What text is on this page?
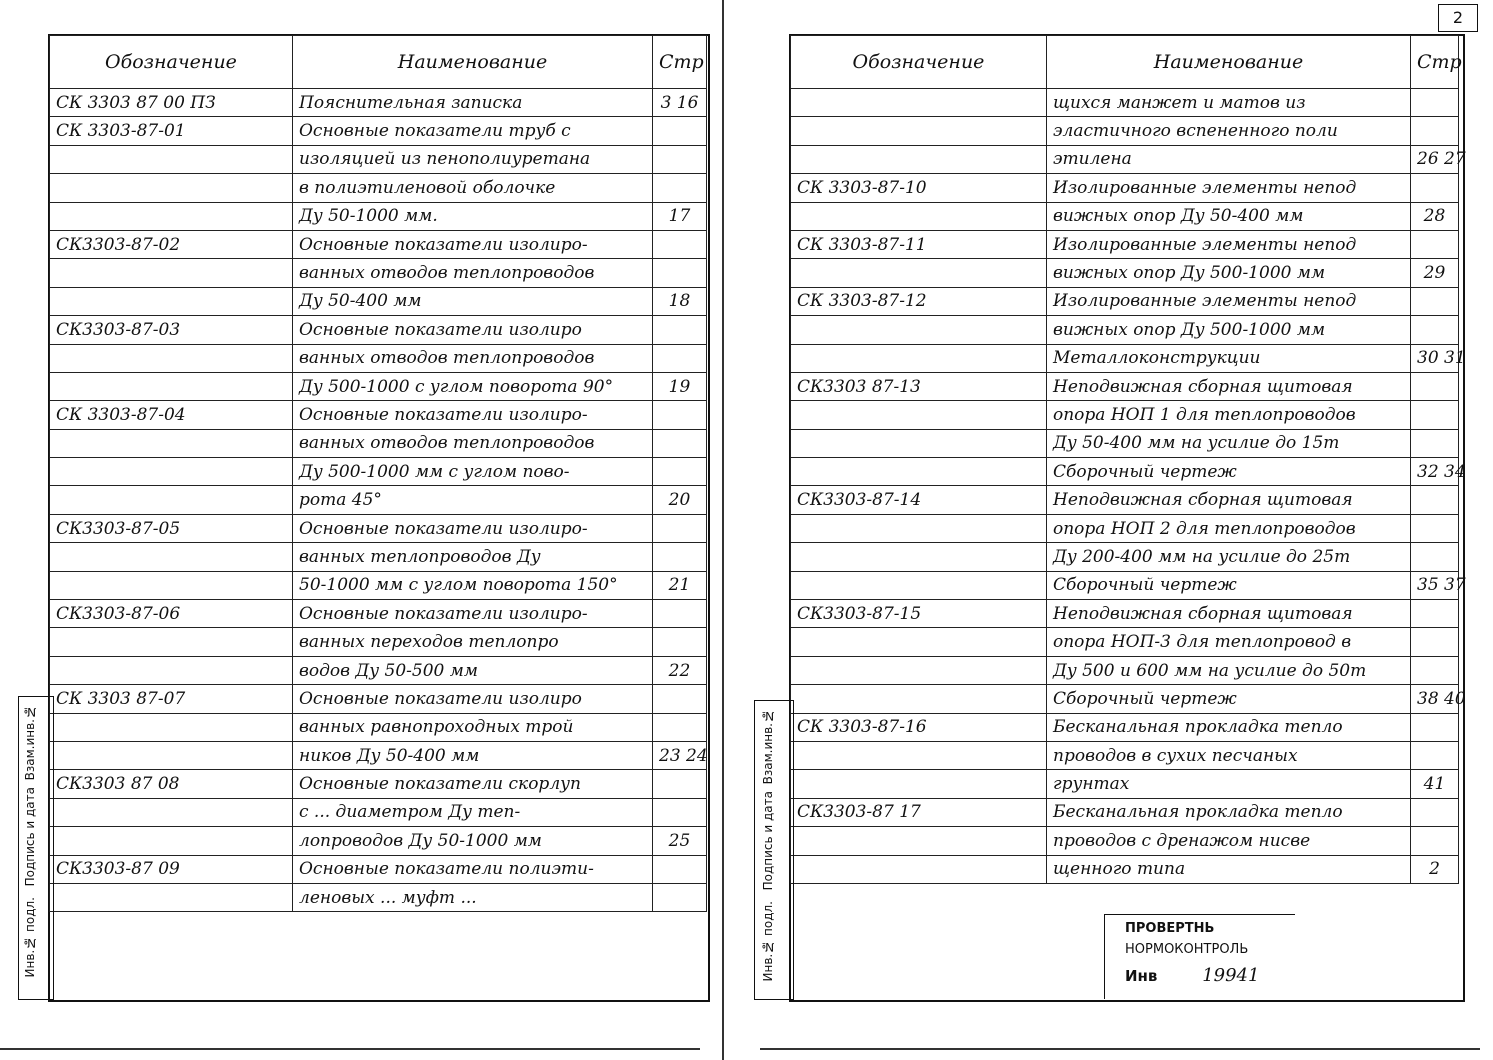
2
Обозначение	Наименование	Стр
СК 3303 87 00 ПЗ	Пояснительная записка	3 16
СК 3303-87-01	Основные показатели труб с	
	изоляцией из пенополиуретана	
	в полиэтиленовой оболочке	
	Ду 50-1000 мм.	17
СК3303-87-02	Основные показатели изолиро-	
	ванных отводов теплопроводов	
	Ду 50-400 мм	18
СК3303-87-03	Основные показатели изолиро	
	ванных отводов теплопроводов	
	Ду 500-1000 с углом поворота 90°	19
СК 3303-87-04	Основные показатели изолиро-	
	ванных отводов теплопроводов	
	Ду 500-1000 мм с углом пово-	
	рота 45°	20
СК3303-87-05	Основные показатели изолиро-	
	ванных теплопроводов Ду	
	50-1000 мм с углом поворота 150°	21
СК3303-87-06	Основные показатели изолиро-	
	ванных переходов теплопро	
	водов Ду 50-500 мм	22
СК 3303 87-07	Основные показатели изолиро	
	ванных равнопроходных трой	
	ников Ду 50-400 мм	23 24
СК3303 87 08	Основные показатели скорлуп	
	с ... диаметром Ду теп-	
	лопроводов Ду 50-1000 мм	25
СК3303-87 09	Основные показатели полиэти-	
	леновых ... муфт ...	
Инв.№ подл.
Подпись и дата
Взам.инв.№
Обозначение	Наименование	Стр
	щихся манжет и матов из	
	эластичного вспененного поли	
	этилена	26 27
СК 3303-87-10	Изолированные элементы непод	
	вижных опор Ду 50-400 мм	28
СК 3303-87-11	Изолированные элементы непод	
	вижных опор Ду 500-1000 мм	29
СК 3303-87-12	Изолированные элементы непод	
	вижных опор Ду 500-1000 мм	
	Металлоконструкции	30 31
СК3303 87-13	Неподвижная сборная щитовая	
	опора НОП 1 для теплопроводов	
	Ду 50-400 мм на усилие до 15т	
	Сборочный чертеж	32 34
СК3303-87-14	Неподвижная сборная щитовая	
	опора НОП 2 для теплопроводов	
	Ду 200-400 мм на усилие до 25т	
	Сборочный чертеж	35 37
СК3303-87-15	Неподвижная сборная щитовая	
	опора НОП-3 для теплопровод в	
	Ду 500 и 600 мм на усилие до 50т	
	Сборочный чертеж	38 40
СК 3303-87-16	Бесканальная прокладка тепло	
	проводов в сухих песчаных	
	грунтах	41
СК3303-87 17	Бесканальная прокладка тепло	
	проводов с дренажом нисве	
	щенного типа	2
Инв.№ подл.
Подпись и дата
Взам.инв.№
ПРОВЕРТНЬ
НОРМОКОНТРОЛЬ
Инв 19941
